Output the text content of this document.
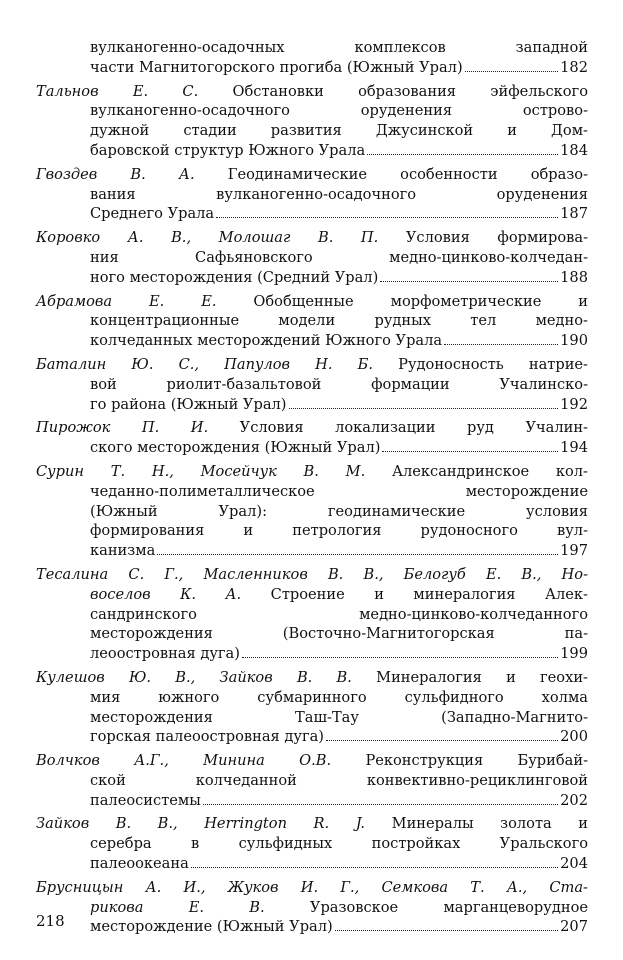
вулканогенно-осадочных комплексов западной
части Магнитогорского прогиба (Южный Урал)	182
Тальнов Е. С. Обстановки образования эйфельского
вулканогенно-осадочного оруденения острово-
дужной стадии развития Джусинской и Дом-
баровской структур Южного Урала	184
Гвоздев В. А. Геодинамические особенности образо-
вания вулканогенно-осадочного оруденения
Среднего Урала	187
Коровко А. В., Молошаг В. П. Условия формирова-
ния Сафьяновского медно-цинково-колчедан-
ного месторождения (Средний Урал)	188
Абрамова Е. Е. Обобщенные морфометрические и
концентрационные модели рудных тел медно-
колчеданных месторождений Южного Урала	190
Баталин Ю. С., Папулов Н. Б. Рудоносность натрие-
вой риолит-базальтовой формации Учалинско-
го района (Южный Урал)	192
Пирожок П. И. Условия локализации руд Учалин-
ского месторождения (Южный Урал)	194
Сурин Т. Н., Мосейчук В. М. Александринское кол-
чеданно-полиметаллическое месторождение
(Южный Урал): геодинамические условия
формирования и петрология рудоносного вул-
канизма	197
Тесалина С. Г., Масленников В. В., Белогуб Е. В., Но-
воселов К. А. Строение и минералогия Алек-
сандринского медно-цинково-колчеданного
месторождения (Восточно-Магнитогорская па-
леоостровная дуга)	199
Кулешов Ю. В., Зайков В. В. Минералогия и геохи-
мия южного субмаринного сульфидного холма
месторождения Таш-Тау (Западно-Магнито-
горская палеоостровная дуга)	200
Волчков А.Г., Минина О.В. Реконструкция Бурибай-
ской колчеданной конвективно-рециклинговой
палеосистемы	202
Зайков В. В., Herrington R. J. Минералы золота и
серебра в сульфидных постройках Уральского
палеоокеана	204
Брусницын А. И., Жуков И. Г., Семкова Т. А., Ста-
рикова Е. В. Уразовское марганцеворудное
месторождение (Южный Урал)	207
218
